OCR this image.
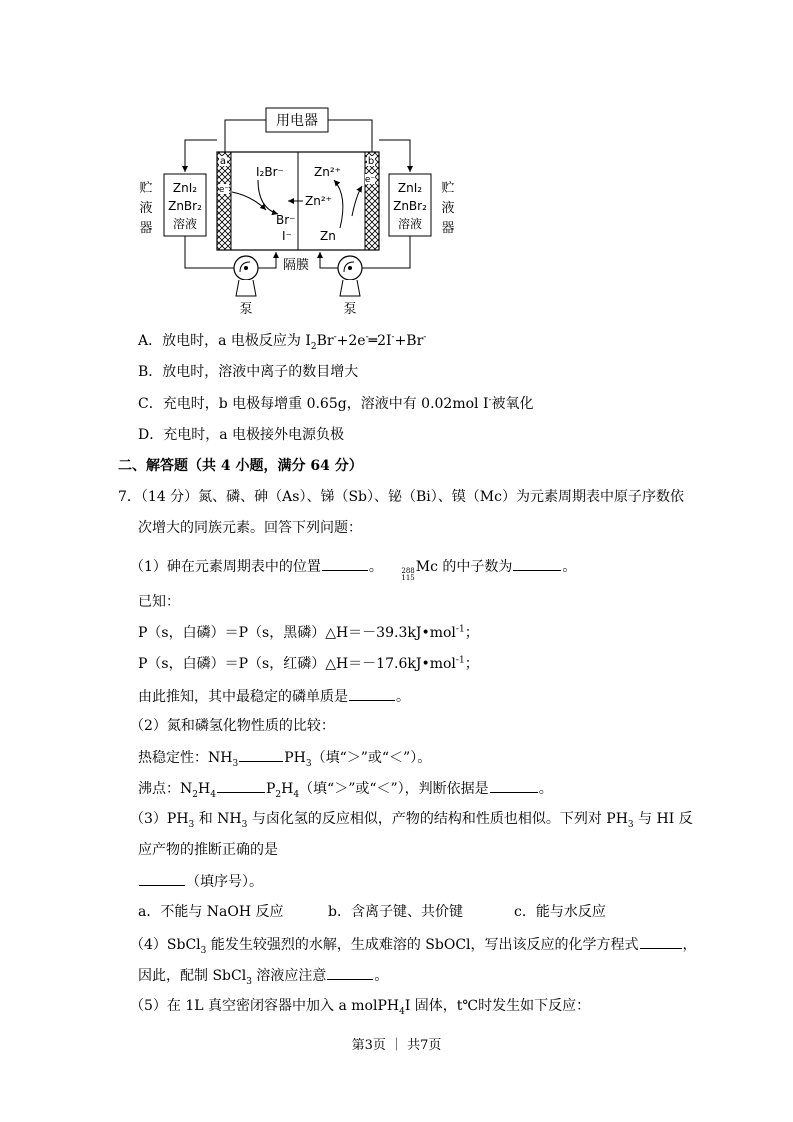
用电器
a	b
e⁻
e⁻
I₂Br⁻
Br⁻
I⁻
Zn²⁺
Zn²⁺
Zn
贮
液
器
ZnI₂
ZnBr₂
溶液
ZnI₂
ZnBr₂
溶液
贮
液
器
泵	泵
隔膜
A．放电时，a 电极反应为 $I_2Br^-+2e^-═2I^-+Br^-$
B．放电时，溶液中离子的数目增大
C．充电时，b 电极每增重 0.65g，溶液中有 0.02mol I-被氧化
D．充电时，a 电极接外电源负极
二、解答题（共 4 小题，满分 64 分）
7．（14 分）氮、磷、砷（As）、锑（Sb）、铋（Bi）、镆（Mc）为元素周期表中原子序数依
次增大的同族元素。回答下列问题：
（1）砷在元素周期表中的位置	。	288
115
Mc 的中子数为	。
已知：
P（s，白磷）＝P（s，黑磷）△H＝－39.3kJ•mol$^{-1}$；
P（s，白磷）＝P（s，红磷）△H＝－17.6kJ•mol$^{-1}$；
由此推知，其中最稳定的磷单质是	。
（2）氮和磷氢化物性质的比较：
热稳定性：$NH_3$	$PH_3$（填“＞”或“＜”）。
沸点：$N_2H_4$	$P_2H_4$（填“＞”或“＜”），判断依据是	。
$(3)PH_3$ 和 $NH_3$ 与卤化氢的反应相似，产物的结构和性质也相似。下列对 $PH_3$ 与 HI 反
应产物的推断正确的是
（填序号）。
a．不能与 NaOH 反应	b．含离子键、共价键	c．能与水反应
（4）SbCl$_3$ 能发生较强烈的水解，生成难溶的 SbOCl，写出该反应的化学方程式	，
因此，配制 SbCl$_3$ 溶液应注意	。
（5）在 1L 真空密闭容器中加入 a molPH$_4$I 固体，t℃时发生如下反应：
第3页 ｜ 共7页
